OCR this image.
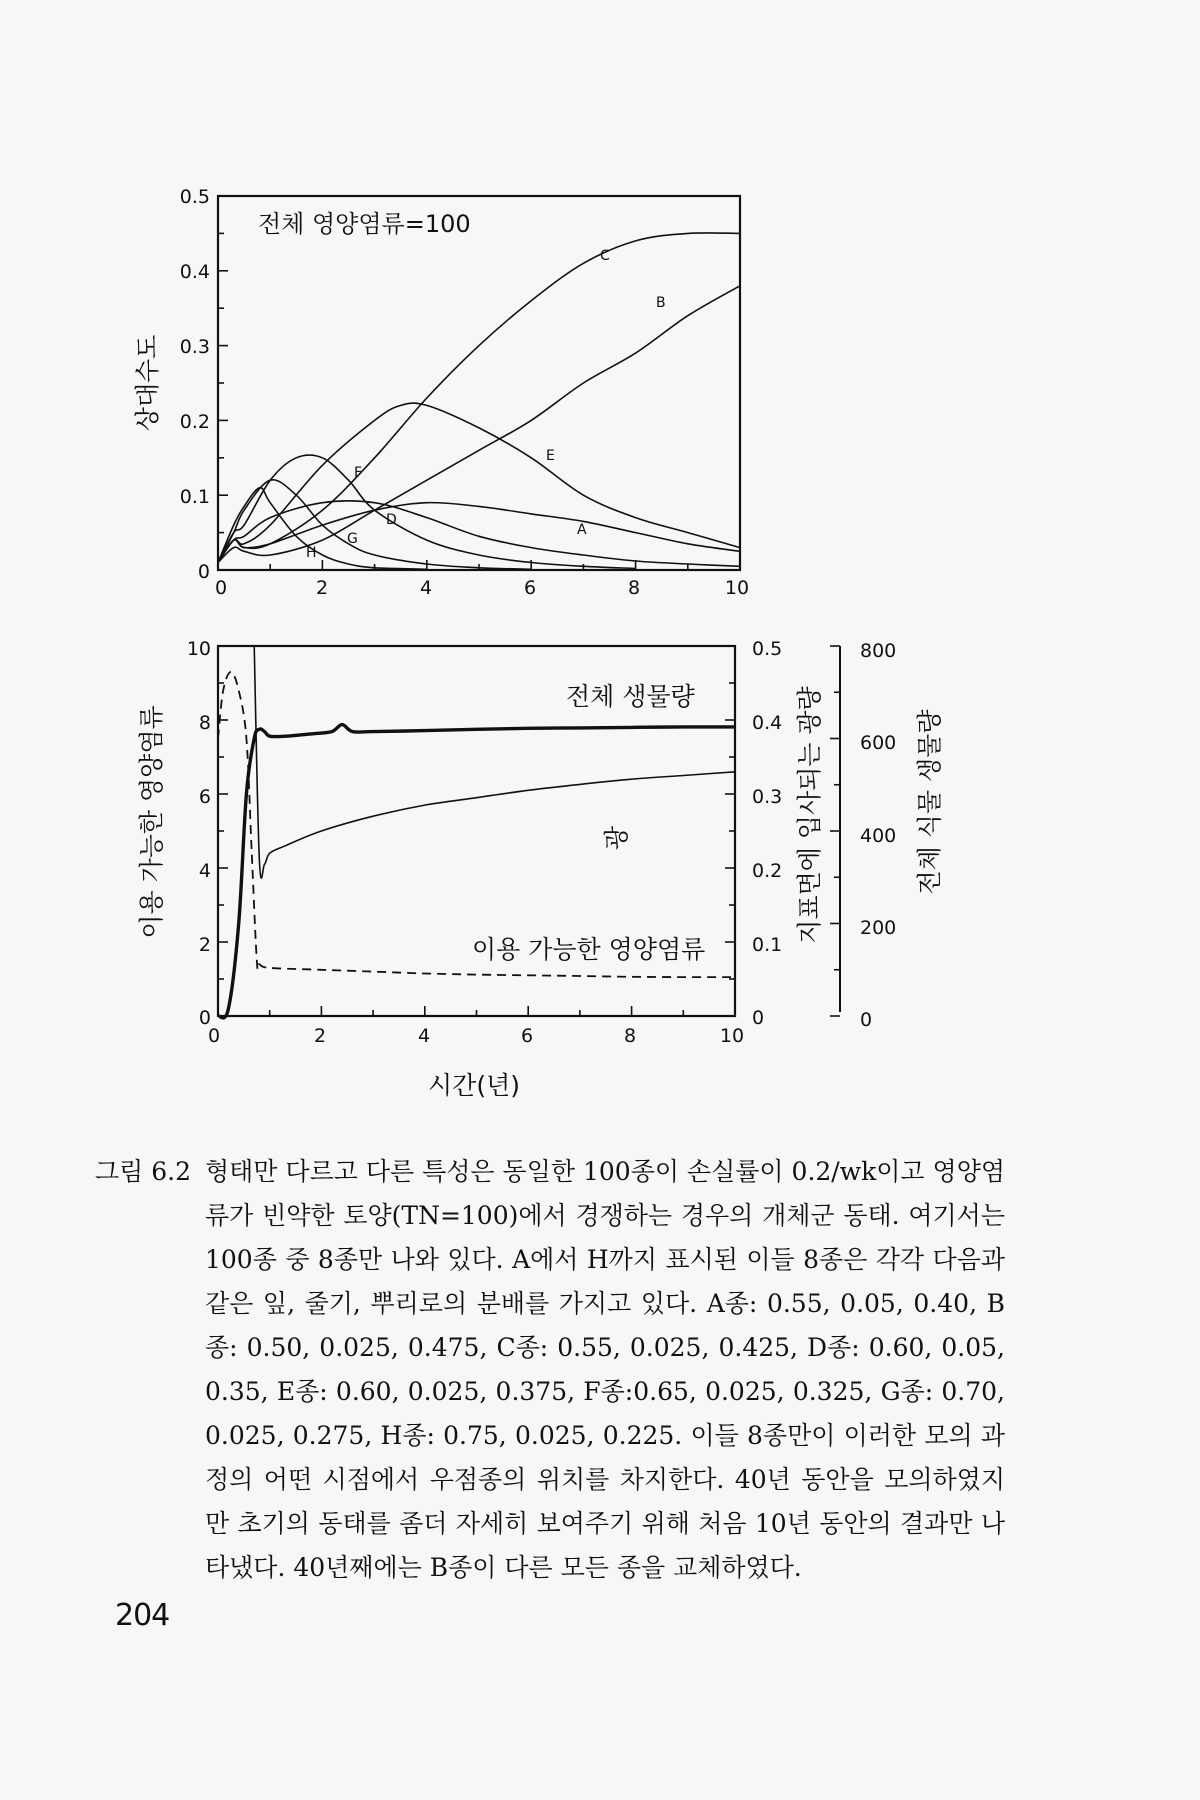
0
0.1
0.2
0.3
0.4
0.5
0	2	4	6	8	10
상대수도
전체 영양염류=100
C
B
E
A
F
D
G
H
0
2
4
6
8
10
0	2	4	6	8	10
0
0.1
0.2
0.3
0.4
0.5
0
200
400
600
800
이용 가능한 영양염류	지표면에 입사되는 광량	전체 식물 생물량
시간(년)
전체 생물량
광
이용 가능한 영양염류
그림 6.2 형태만 다르고 다른 특성은 동일한 100종이 손실률이 0.2/wk이고 영양염류가 빈약한 토양(TN=100)에서 경쟁하는 경우의 개체군 동태. 여기서는 100종 중 8종만 나와 있다. A에서 H까지 표시된 이들 8종은 각각 다음과 같은 잎, 줄기, 뿌리로의 분배를 가지고 있다. A종: 0.55, 0.05, 0.40, B종: 0.50, 0.025, 0.475, C종: 0.55, 0.025, 0.425, D종: 0.60, 0.05, 0.35, E종: 0.60, 0.025, 0.375, F종:0.65, 0.025, 0.325, G종: 0.70, 0.025, 0.275, H종: 0.75, 0.025, 0.225. 이들 8종만이 이러한 모의 과정의 어떤 시점에서 우점종의 위치를 차지한다. 40년 동안을 모의하였지만 초기의 동태를 좀더 자세히 보여주기 위해 처음 10년 동안의 결과만 나타냈다. 40년째에는 B종이 다른 모든 종을 교체하였다.
204
